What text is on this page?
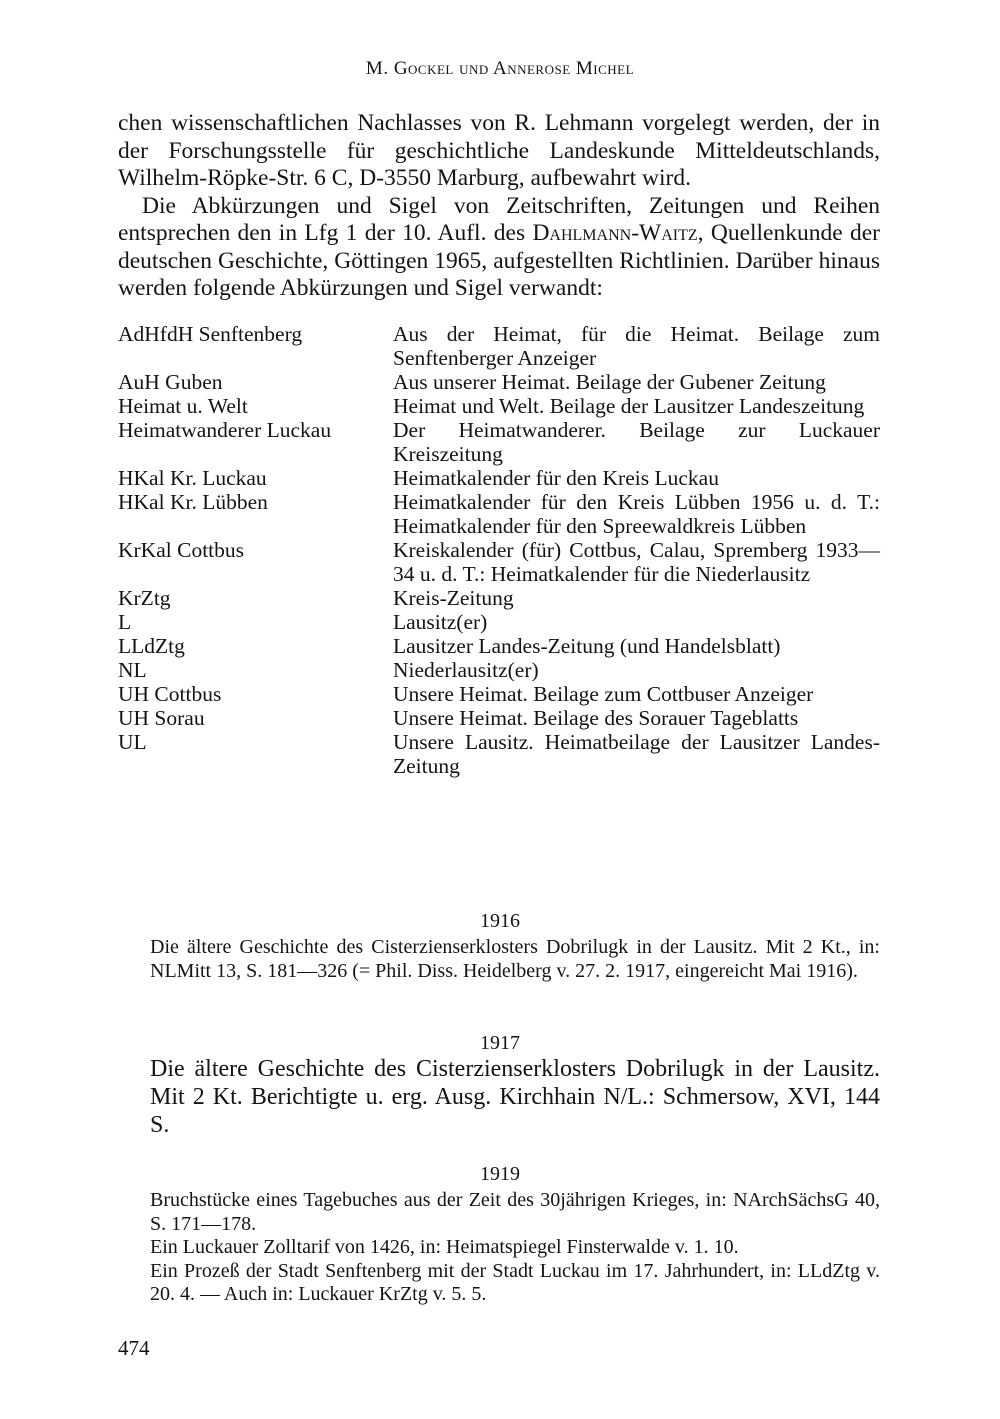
M. Gockel und Annerose Michel

chen wissenschaftlichen Nachlasses von R. Lehmann vorgelegt werden, der in der Forschungsstelle für geschichtliche Landeskunde Mitteldeutschlands, Wilhelm-Röpke-Str. 6 C, D-3550 Marburg, aufbewahrt wird.

Die Abkürzungen und Sigel von Zeitschriften, Zeitungen und Reihen entsprechen den in Lfg 1 der 10. Aufl. des Dahlmann-Waitz, Quellenkunde der deutschen Geschichte, Göttingen 1965, aufgestellten Richtlinien. Darüber hinaus werden folgende Abkürzungen und Sigel verwandt:

AdHfdH Senftenberg	Aus der Heimat, für die Heimat. Beilage zum Senftenberger Anzeiger
AuH Guben	Aus unserer Heimat. Beilage der Gubener Zeitung
Heimat u. Welt	Heimat und Welt. Beilage der Lausitzer Landeszeitung
Heimatwanderer Luckau	Der Heimatwanderer. Beilage zur Luckauer Kreiszeitung
HKal Kr. Luckau	Heimatkalender für den Kreis Luckau
HKal Kr. Lübben	Heimatkalender für den Kreis Lübben 1956 u. d. T.: Heimatkalender für den Spreewaldkreis Lübben
KrKal Cottbus	Kreiskalender (für) Cottbus, Calau, Spremberg 1933—34 u. d. T.: Heimatkalender für die Niederlausitz
KrZtg	Kreis-Zeitung
L	Lausitz(er)
LLdZtg	Lausitzer Landes-Zeitung (und Handelsblatt)
NL	Niederlausitz(er)
UH Cottbus	Unsere Heimat. Beilage zum Cottbuser Anzeiger
UH Sorau	Unsere Heimat. Beilage des Sorauer Tageblatts
UL	Unsere Lausitz. Heimatbeilage der Lausitzer Landes-Zeitung
1916

Die ältere Geschichte des Cisterzienserklosters Dobrilugk in der Lausitz. Mit 2 Kt., in: NLMitt 13, S. 181—326 (= Phil. Diss. Heidelberg v. 27. 2. 1917, eingereicht Mai 1916).

1917

Die ältere Geschichte des Cisterzienserklosters Dobrilugk in der Lausitz. Mit 2 Kt. Berichtigte u. erg. Ausg. Kirchhain N/L.: Schmersow, XVI, 144 S.

1919

Bruchstücke eines Tagebuches aus der Zeit des 30jährigen Krieges, in: NArchSächsG 40, S. 171—178.

Ein Luckauer Zolltarif von 1426, in: Heimatspiegel Finsterwalde v. 1. 10.

Ein Prozeß der Stadt Senftenberg mit der Stadt Luckau im 17. Jahrhundert, in: LLdZtg v. 20. 4. — Auch in: Luckauer KrZtg v. 5. 5.

474
